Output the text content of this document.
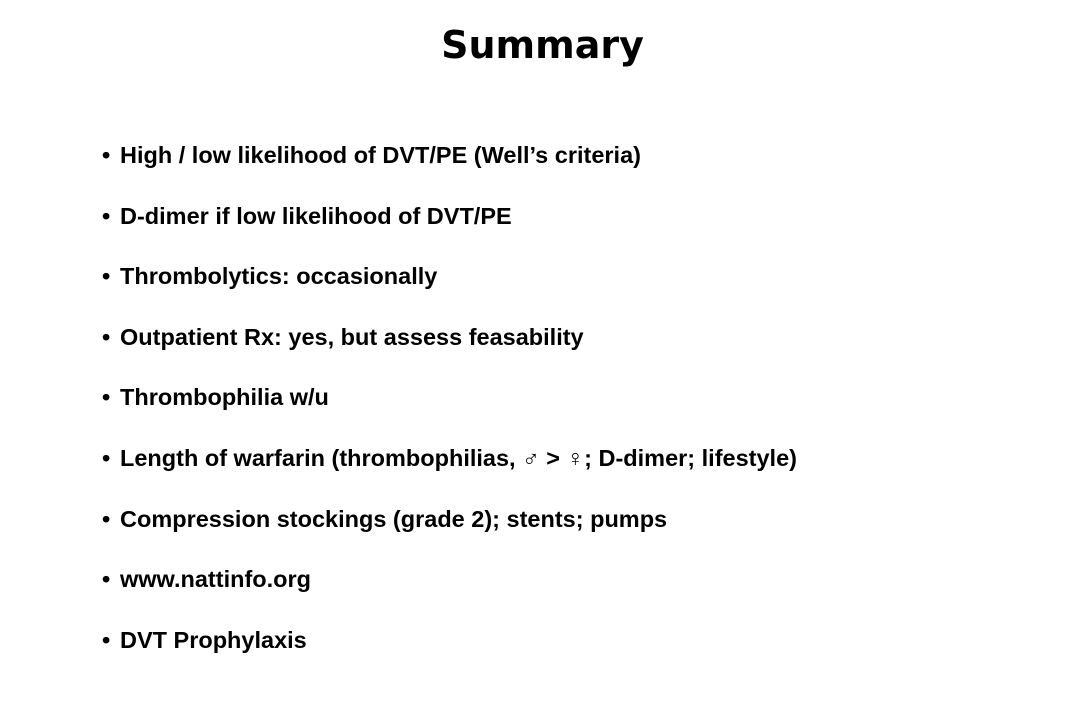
Summary
• High / low likelihood of DVT/PE (Well’s criteria)
• D-dimer if low likelihood of DVT/PE
• Thrombolytics: occasionally
• Outpatient Rx: yes, but assess feasability
• Thrombophilia w/u
• Length of warfarin (thrombophilias, ♂ > ♀; D-dimer; lifestyle)
• Compression stockings (grade 2); stents; pumps
• www.nattinfo.org
• DVT Prophylaxis
